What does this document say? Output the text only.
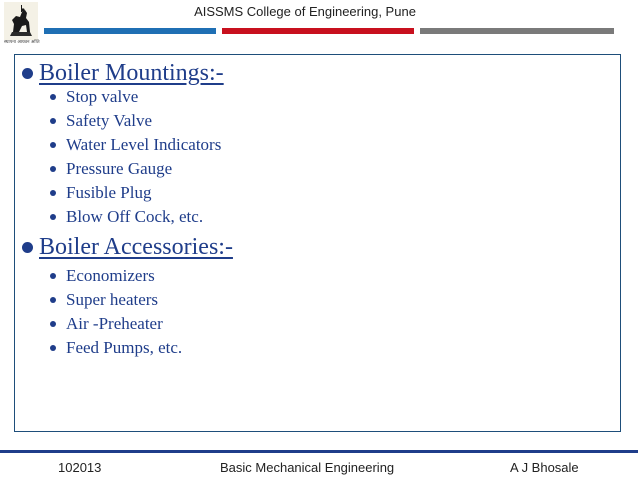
स्थापना आयवन अप्ति
AISSMS College of Engineering, Pune
Boiler Mountings:-
Stop valve
Safety Valve
Water Level Indicators
Pressure Gauge
Fusible Plug
Blow Off Cock, etc.
Boiler Accessories:-
Economizers
Super heaters
Air -Preheater
Feed Pumps, etc.
102013	Basic Mechanical Engineering	A J Bhosale
